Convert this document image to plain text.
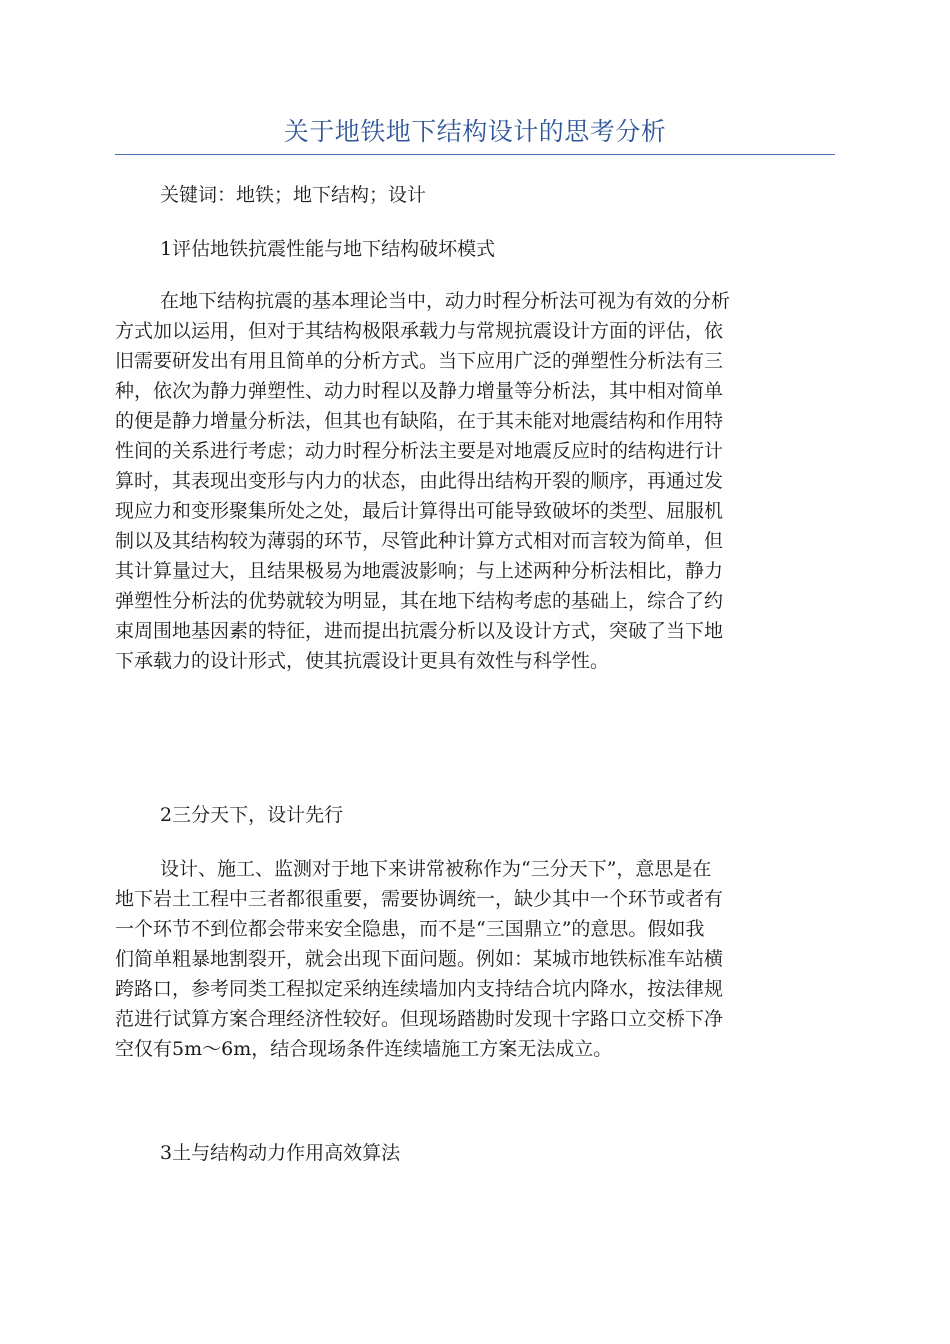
关于地铁地下结构设计的思考分析
关键词：地铁；地下结构；设计
1评估地铁抗震性能与地下结构破坏模式
在地下结构抗震的基本理论当中，动力时程分析法可视为有效的分析
方式加以运用，但对于其结构极限承载力与常规抗震设计方面的评估，依
旧需要研发出有用且简单的分析方式。当下应用广泛的弹塑性分析法有三
种，依次为静力弹塑性、动力时程以及静力增量等分析法，其中相对简单
的便是静力增量分析法，但其也有缺陷，在于其未能对地震结构和作用特
性间的关系进行考虑；动力时程分析法主要是对地震反应时的结构进行计
算时，其表现出变形与内力的状态，由此得出结构开裂的顺序，再通过发
现应力和变形聚集所处之处，最后计算得出可能导致破坏的类型、屈服机
制以及其结构较为薄弱的环节，尽管此种计算方式相对而言较为简单，但
其计算量过大，且结果极易为地震波影响；与上述两种分析法相比，静力
弹塑性分析法的优势就较为明显，其在地下结构考虑的基础上，综合了约
束周围地基因素的特征，进而提出抗震分析以及设计方式，突破了当下地
下承载力的设计形式，使其抗震设计更具有效性与科学性。
2三分天下，设计先行
设计、施工、监测对于地下来讲常被称作为“三分天下”，意思是在
地下岩土工程中三者都很重要，需要协调统一，缺少其中一个环节或者有
一个环节不到位都会带来安全隐患，而不是“三国鼎立”的意思。假如我
们简单粗暴地割裂开，就会出现下面问题。例如：某城市地铁标准车站横
跨路口，参考同类工程拟定采纳连续墙加内支持结合坑内降水，按法律规
范进行试算方案合理经济性较好。但现场踏勘时发现十字路口立交桥下净
空仅有5m～6m，结合现场条件连续墙施工方案无法成立。
3土与结构动力作用高效算法
